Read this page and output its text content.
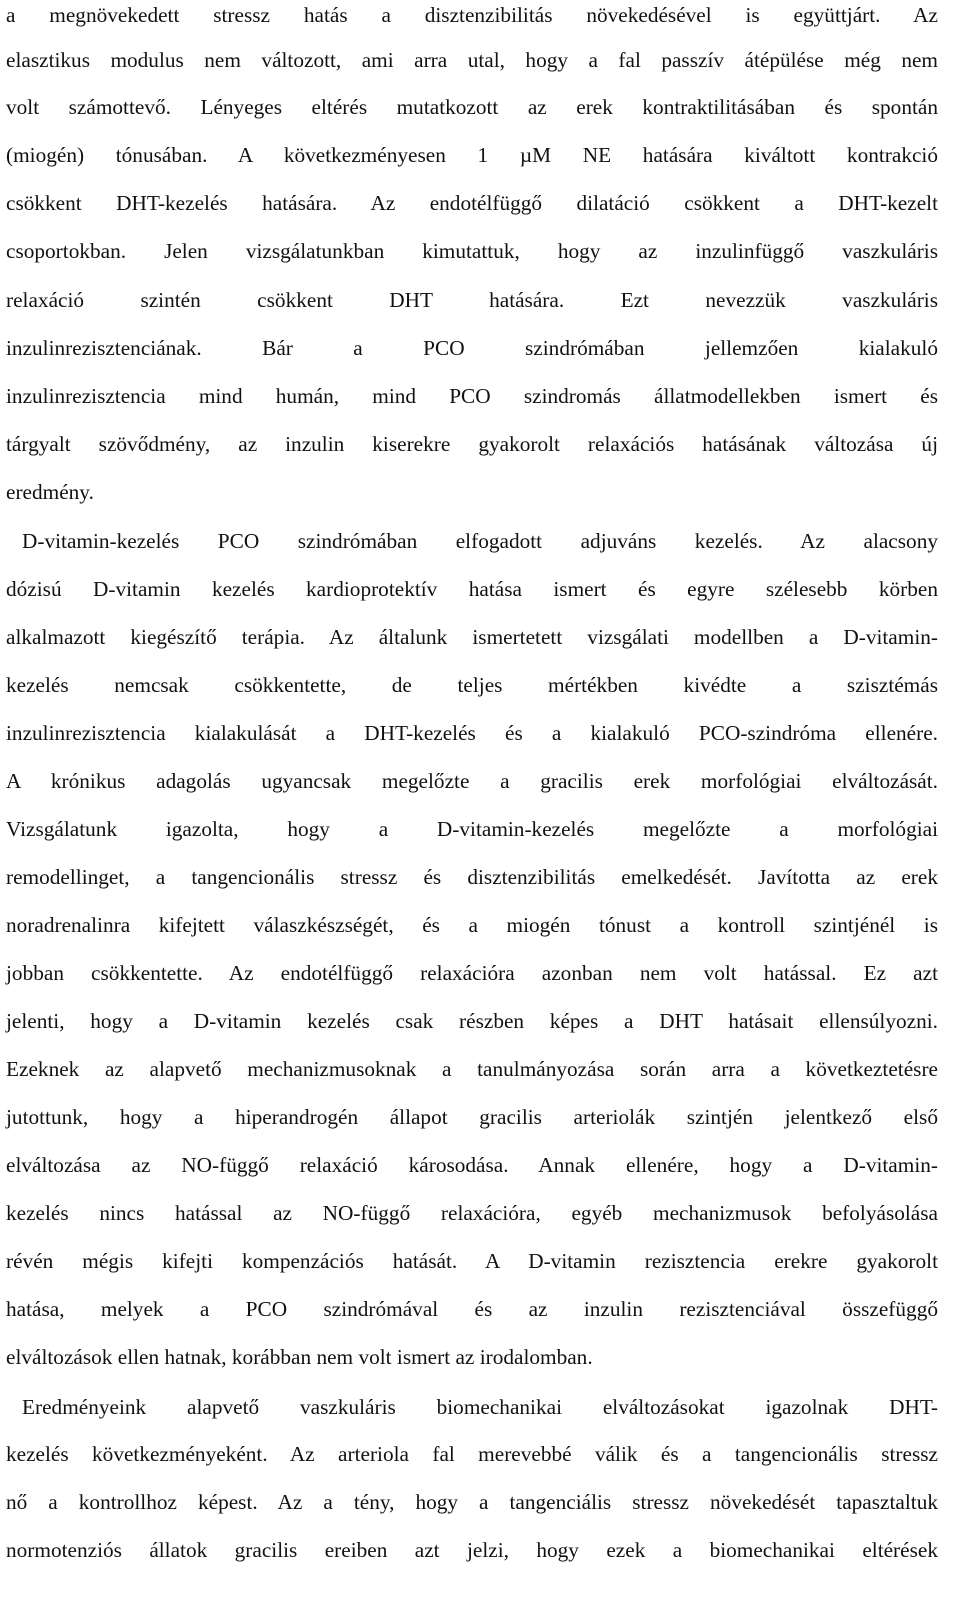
a megnövekedett stressz hatás a disztenzibilitás növekedésével is együttjárt. Az
elasztikus modulus nem változott, ami arra utal, hogy a fal passzív átépülése még nem
volt számottevő. Lényeges eltérés mutatkozott az erek kontraktilitásában és spontán
(miogén) tónusában. A következményesen 1 µM NE hatására kiváltott kontrakció
csökkent DHT-kezelés hatására. Az endotélfüggő dilatáció csökkent a DHT-kezelt
csoportokban. Jelen vizsgálatunkban kimutattuk, hogy az inzulinfüggő vaszkuláris
relaxáció szintén csökkent DHT hatására. Ezt nevezzük vaszkuláris
inzulinrezisztenciának. Bár a PCO szindrómában jellemzően kialakuló
inzulinrezisztencia mind humán, mind PCO szindromás állatmodellekben ismert és
tárgyalt szövődmény, az inzulin kiserekre gyakorolt relaxációs hatásának változása új
eredmény.
D-vitamin-kezelés PCO szindrómában elfogadott adjuváns kezelés. Az alacsony
dózisú D-vitamin kezelés kardioprotektív hatása ismert és egyre szélesebb körben
alkalmazott kiegészítő terápia. Az általunk ismertetett vizsgálati modellben a D-vitamin-
kezelés nemcsak csökkentette, de teljes mértékben kivédte a szisztémás
inzulinrezisztencia kialakulását a DHT-kezelés és a kialakuló PCO-szindróma ellenére.
A krónikus adagolás ugyancsak megelőzte a gracilis erek morfológiai elváltozását.
Vizsgálatunk igazolta, hogy a D-vitamin-kezelés megelőzte a morfológiai
remodellinget, a tangencionális stressz és disztenzibilitás emelkedését. Javította az erek
noradrenalinra kifejtett válaszkészségét, és a miogén tónust a kontroll szintjénél is
jobban csökkentette. Az endotélfüggő relaxációra azonban nem volt hatással. Ez azt
jelenti, hogy a D-vitamin kezelés csak részben képes a DHT hatásait ellensúlyozni.
Ezeknek az alapvető mechanizmusoknak a tanulmányozása során arra a következtetésre
jutottunk, hogy a hiperandrogén állapot gracilis arteriolák szintjén jelentkező első
elváltozása az NO-függő relaxáció károsodása. Annak ellenére, hogy a D-vitamin-
kezelés nincs hatással az NO-függő relaxációra, egyéb mechanizmusok befolyásolása
révén mégis kifejti kompenzációs hatását. A D-vitamin rezisztencia erekre gyakorolt
hatása, melyek a PCO szindrómával és az inzulin rezisztenciával összefüggő
elváltozások ellen hatnak, korábban nem volt ismert az irodalomban.
Eredményeink alapvető vaszkuláris biomechanikai elváltozásokat igazolnak DHT-
kezelés következményeként. Az arteriola fal merevebbé válik és a tangencionális stressz
nő a kontrollhoz képest. Az a tény, hogy a tangenciális stressz növekedését tapasztaltuk
normotenziós állatok gracilis ereiben azt jelzi, hogy ezek a biomechanikai eltérések
